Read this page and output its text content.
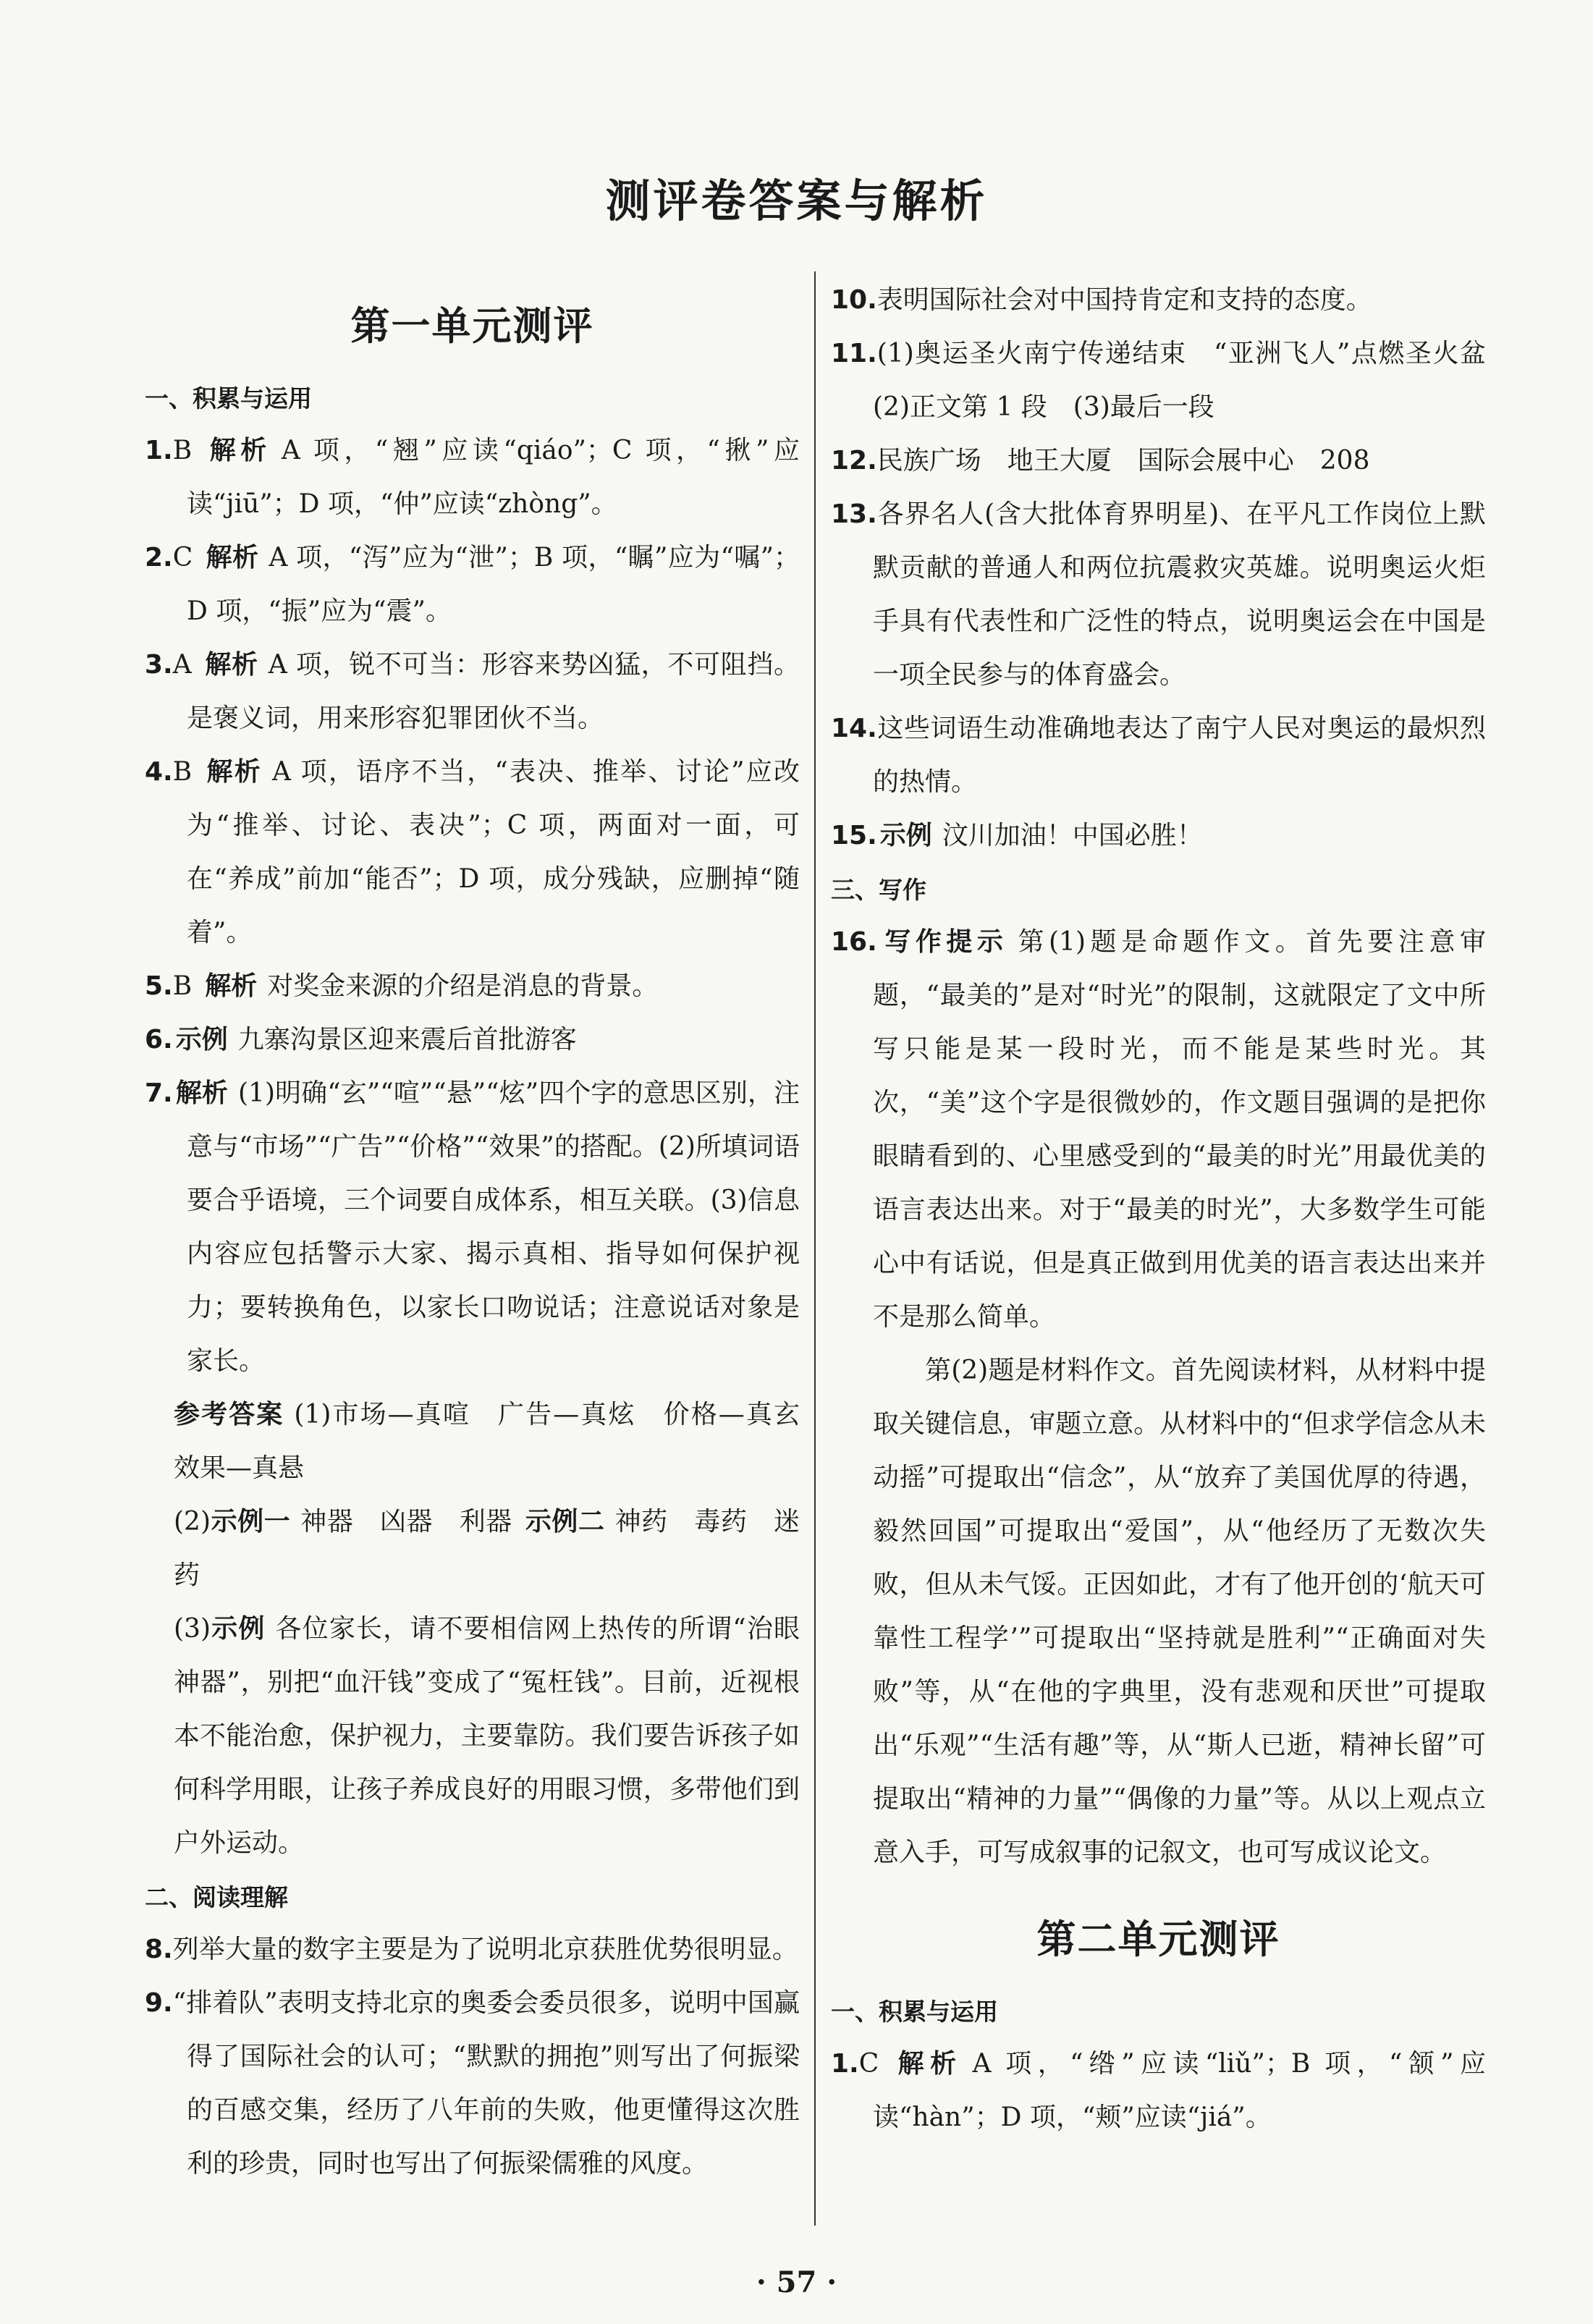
测评卷答案与解析
第一单元测评
一、积累与运用

1.B 解析 A 项，“翘”应读“qiáo”；C 项，“揪”应读“jiū”；D 项，“仲”应读“zhòng”。

2.C 解析 A 项，“泻”应为“泄”；B 项，“瞩”应为“嘱”；D 项，“振”应为“震”。

3.A 解析 A 项，锐不可当：形容来势凶猛，不可阻挡。是褒义词，用来形容犯罪团伙不当。

4.B 解析 A 项，语序不当，“表决、推举、讨论”应改为“推举、讨论、表决”；C 项，两面对一面，可在“养成”前加“能否”；D 项，成分残缺，应删掉“随着”。

5.B 解析 对奖金来源的介绍是消息的背景。

6. 示例 九寨沟景区迎来震后首批游客

7. 解析 (1)明确“玄”“喧”“悬”“炫”四个字的意思区别，注意与“市场”“广告”“价格”“效果”的搭配。(2)所填词语要合乎语境，三个词要自成体系，相互关联。(3)信息内容应包括警示大家、揭示真相、指导如何保护视力；要转换角色，以家长口吻说话；注意说话对象是家长。

参考答案 (1)市场—真喧　广告—真炫　价格—真玄　效果—真悬

(2)示例一 神器　凶器　利器 示例二 神药　毒药　迷药

(3)示例 各位家长，请不要相信网上热传的所谓“治眼神器”，别把“血汗钱”变成了“冤枉钱”。目前，近视根本不能治愈，保护视力，主要靠防。我们要告诉孩子如何科学用眼，让孩子养成良好的用眼习惯，多带他们到户外运动。

二、阅读理解

8.列举大量的数字主要是为了说明北京获胜优势很明显。

9.“排着队”表明支持北京的奥委会委员很多，说明中国赢得了国际社会的认可；“默默的拥抱”则写出了何振梁的百感交集，经历了八年前的失败，他更懂得这次胜利的珍贵，同时也写出了何振梁儒雅的风度。

10.表明国际社会对中国持肯定和支持的态度。

11.(1)奥运圣火南宁传递结束　“亚洲飞人”点燃圣火盆　(2)正文第 1 段　(3)最后一段

12.民族广场　地王大厦　国际会展中心　208

13.各界名人(含大批体育界明星)、在平凡工作岗位上默默贡献的普通人和两位抗震救灾英雄。说明奥运火炬手具有代表性和广泛性的特点，说明奥运会在中国是一项全民参与的体育盛会。

14.这些词语生动准确地表达了南宁人民对奥运的最炽烈的热情。

15. 示例 汶川加油！中国必胜！

三、写作

16. 写作提示 第(1)题是命题作文。首先要注意审题，“最美的”是对“时光”的限制，这就限定了文中所写只能是某一段时光，而不能是某些时光。其次，“美”这个字是很微妙的，作文题目强调的是把你眼睛看到的、心里感受到的“最美的时光”用最优美的语言表达出来。对于“最美的时光”，大多数学生可能心中有话说，但是真正做到用优美的语言表达出来并不是那么简单。

第(2)题是材料作文。首先阅读材料，从材料中提取关键信息，审题立意。从材料中的“但求学信念从未动摇”可提取出“信念”，从“放弃了美国优厚的待遇，毅然回国”可提取出“爱国”，从“他经历了无数次失败，但从未气馁。正因如此，才有了他开创的‘航天可靠性工程学’”可提取出“坚持就是胜利”“正确面对失败”等，从“在他的字典里，没有悲观和厌世”可提取出“乐观”“生活有趣”等，从“斯人已逝，精神长留”可提取出“精神的力量”“偶像的力量”等。从以上观点立意入手，可写成叙事的记叙文，也可写成议论文。

第二单元测评
一、积累与运用

1.C 解析 A 项，“绺”应读“liǔ”；B 项，“颔”应读“hàn”；D 项，“颊”应读“jiá”。

· 57 ·
